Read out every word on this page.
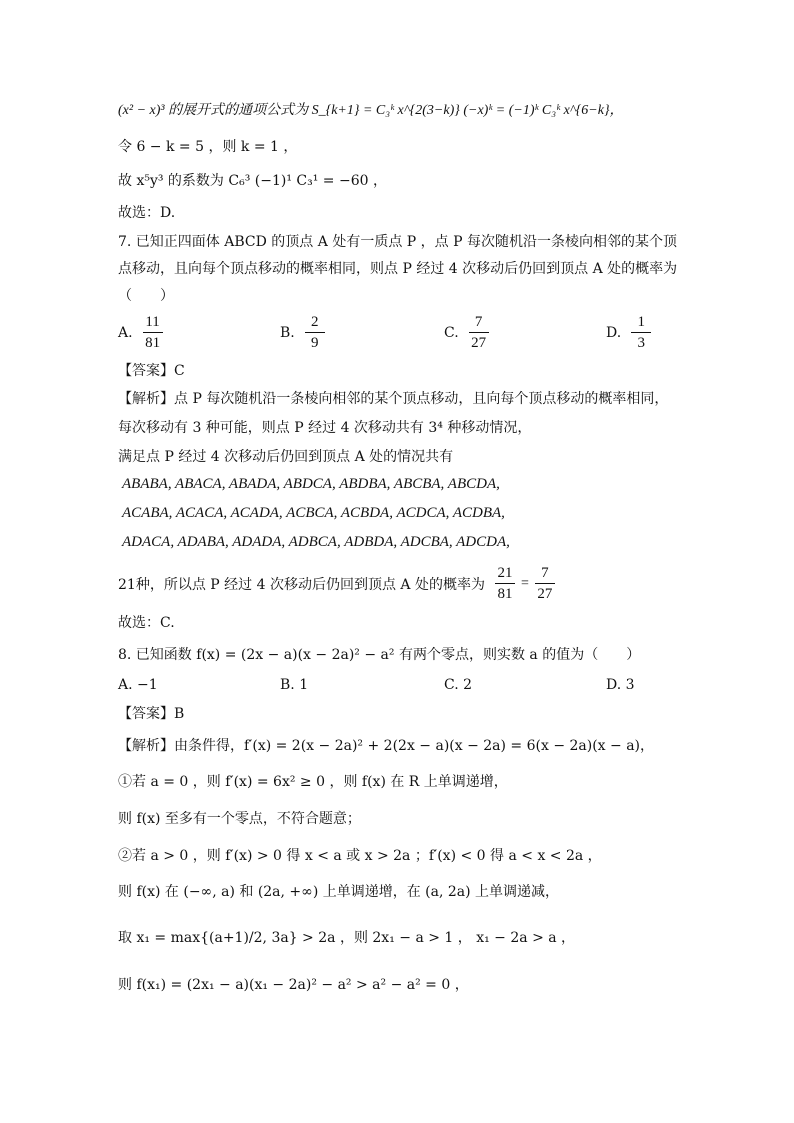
(x² − x)³ 的展开式的通项公式为 S_{k+1} = C₃ᵏ x^{2(3−k)} (−x)ᵏ = (−1)ᵏ C₃ᵏ x^{6−k}，
令 6 − k = 5 ，则 k = 1 ，
故 x⁵y³ 的系数为 C₆³ (−1)¹ C₃¹ = −60 ，
故选：D.
7. 已知正四面体 ABCD 的顶点 A 处有一质点 P ，点 P 每次随机沿一条棱向相邻的某个顶
点移动，且向每个顶点移动的概率相同，则点 P 经过 4 次移动后仍回到顶点 A 处的概率为
（　　）
A. $\frac{11}{81}$	B. $\frac{2}{9}$	C. $\frac{7}{27}$	D. $\frac{1}{3}$
【答案】C
【解析】点 P 每次随机沿一条棱向相邻的某个顶点移动，且向每个顶点移动的概率相同，
每次移动有 3 种可能，则点 P 经过 4 次移动共有 3⁴ 种移动情况，
满足点 P 经过 4 次移动后仍回到顶点 A 处的情况共有
ABABA, ABACA, ABADA, ABDCA, ABDBA, ABCBA, ABCDA,
ACABA, ACACA, ACADA, ACBCA, ACBDA, ACDCA, ACDBA,
ADACA, ADABA, ADADA, ADBCA, ADBDA, ADCBA, ADCDA,
21种，所以点 P 经过 4 次移动后仍回到顶点 A 处的概率为 $\frac{21}{81} = \frac{7}{27}$
故选：C.
8. 已知函数 f(x) = (2x − a)(x − 2a)² − a² 有两个零点，则实数 a 的值为（　　）
A. −1	B. 1	C. 2	D. 3
【答案】B
【解析】由条件得，f′(x) = 2(x − 2a)² + 2(2x − a)(x − 2a) = 6(x − 2a)(x − a)，
①若 a = 0 ，则 f′(x) = 6x² ≥ 0 ，则 f(x) 在 R 上单调递增，
则 f(x) 至多有一个零点，不符合题意；
②若 a > 0 ，则 f′(x) > 0 得 x < a 或 x > 2a ；f′(x) < 0 得 a < x < 2a ，
则 f(x) 在 (−∞, a) 和 (2a, +∞) 上单调递增，在 (a, 2a) 上单调递减，
取 x₁ = max{(a+1)/2, 3a} > 2a ，则 2x₁ − a > 1 ， x₁ − 2a > a ，
则 f(x₁) = (2x₁ − a)(x₁ − 2a)² − a² > a² − a² = 0 ，
